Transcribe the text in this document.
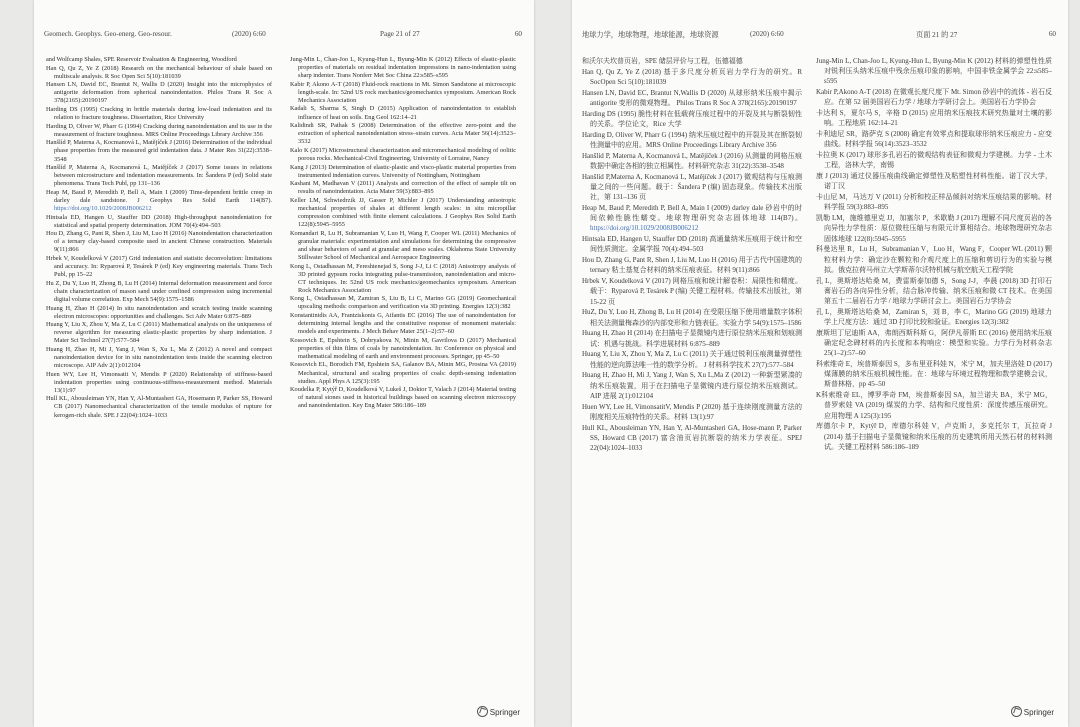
Geomech. Geophys. Geo-energ. Geo-resour.	(2020) 6:60	Page 21 of 27	60
and Wolfcamp Shales, SPE Reservoir Evaluation & Engineering, Woodford
Han Q, Qu Z, Ye Z (2018) Research on the mechanical behaviour of shale based on multiscale analysis. R Soc Open Sci 5(10):181039
Hansen LN, David EC, Brantut N, Wallis D (2020) Insight into the microphysics of antigorite deformation from spherical nanoindentation. Philos Trans R Soc A 378(2165):20190197
Harding DS (1995) Cracking in brittle materials during low-load indentation and its relation to fracture toughness. Dissertation, Rice University
Harding D, Oliver W, Pharr G (1994) Cracking during nanoindentation and its use in the measurement of fracture toughness. MRS Online Proceedings Library Archive 356
Hanšlíd P, Materna A, Kocmanová L, Matějíček J (2016) Determination of the individual phase properties from the measured grid indentation data. J Mater Res 31(22):3538–3548
Hanšlíd P, Materna A, Kocmanová L, Matějíček J (2017) Some issues in relations between microstructure and indentation measurements. In: Šandera P (ed) Solid state phenomena. Trans Tech Publ, pp 131–136
Heap M, Baud P, Meredith P, Bell A, Main I (2009) Time-dependent brittle creep in darley dale sandstone. J Geophys Res Solid Earth 114(B7). https://doi.org/10.1029/2008JB006212
Hintsala ED, Hangen U, Stauffer DD (2018) High-throughput nanoindentation for statistical and spatial property determination. JOM 70(4):494–503
Hou D, Zhang G, Pant R, Shen J, Liu M, Luo H (2016) Nanoindentation characterization of a ternary clay-based composite used in ancient Chinese construction. Materials 9(11):866
Hrbek V, Koudelková V (2017) Grid indentation and statistic deconvolution: limitations and accuracy. In: Ryparová P, Tesárek P (ed) Key engineering materials. Trans Tech Publ, pp 15–22
Hu Z, Du Y, Luo H, Zhong B, Lu H (2014) Internal deformation measurement and force chain characterization of mason sand under confined compression using incremental digital volume correlation. Exp Mech 54(9):1575–1586
Huang H, Zhao H (2014) In situ nanoindentation and scratch testing inside scanning electron microscopes: opportunities and challenges. Sci Adv Mater 6:875–889
Huang Y, Liu X, Zhou Y, Ma Z, Lu C (2011) Mathematical analysis on the uniqueness of reverse algorithm for measuring elastic-plastic properties by sharp indentation. J Mater Sci Technol 27(7):577–584
Huang H, Zhao H, Mi J, Yang J, Wan S, Xu L, Ma Z (2012) A novel and compact nanoindentation device for in situ nanoindentation tests inside the scanning electron microscope. AIP Adv 2(1):012104
Huen WY, Lee H, Vimonsatit V, Mendis P (2020) Relationship of stiffness-based indentation properties using continuous-stiffness-measurement method. Materials 13(1):97
Hull KL, Abousleiman YN, Han Y, Al-Muntasheri GA, Hosemann P, Parker SS, Howard CB (2017) Nanomechanical characterization of the tensile modulus of rupture for kerogen-rich shale. SPE J 22(04):1024–1033
Jung-Min L, Chan-Joo L, Kyung-Hun L, Byung-Min K (2012) Effects of elastic-plastic properties of materials on residual indentation impressions in nano-indentation using sharp indenter. Trans Nonferr Met Soc China 22:s585–s595
Kabir P, Akono A-T (2018) Fluid-rock reactions in Mt. Simon Sandstone at microscopic length-scale. In: 52nd US rock mechanics/geomechanics symposium. American Rock Mechanics Association
Kadali S, Sharma S, Singh D (2015) Application of nanoindentation to establish influence of heat on soils. Eng Geol 162:14–21
Kalidindi SR, Pathak S (2008) Determination of the effective zero-point and the extraction of spherical nanoindentation stress–strain curves. Acta Mater 56(14):3523–3532
Kalo K (2017) Microstructural characterization and micromechanical modeling of oolitic porous rocks. Mechanical-Civil Engineering, University of Lorraine, Nancy
Kang J (2013) Determination of elastic-plastic and visco-plastic material properties from instrumented indentation curves. University of Nottingham, Nottingham
Kashani M, Madhavan V (2011) Analysis and correction of the effect of sample tilt on results of nanoindentation. Acta Mater 59(3):883–895
Keller LM, Schwiedrzik JJ, Gasser P, Michler J (2017) Understanding anisotropic mechanical properties of shales at different length scales: in situ micropillar compression combined with finite element calculations. J Geophys Res Solid Earth 122(8):5945–5955
Komandari R, Lu H, Subramanian V, Luo H, Wang F, Cooper WL (2011) Mechanics of granular materials: experimentation and simulations for determining the compressive and shear behaviors of sand at granular and meso scales. Oklahoma State University Stillwater School of Mechanical and Aerospace Engineering
Kong L, Ostadhassan M, Fereshtenejad S, Song J-J, Li C (2018) Anisotropy analysis of 3D printed gypsum rocks integrating pulse-transmission, nanoindentation and micro-CT techniques. In: 52nd US rock mechanics/geomechanics symposium. American Rock Mechanics Association
Kong L, Ostadhassan M, Zamiran S, Liu B, Li C, Marino GG (2019) Geomechanical upscaling methods: comparison and verification via 3D printing. Energies 12(3):382
Konstantinidis AA, Frantziskonis G, Aifantis EC (2016) The use of nanoindentation for determining internal lengths and the constitutive response of monument materials: models and experiments. J Mech Behav Mater 25(1–2):57–60
Kossovich E, Epshtein S, Dobryakova N, Minin M, Gavrilova D (2017) Mechanical properties of thin films of coals by nanoindentation. In: Conference on physical and mathematical modeling of earth and environment processes. Springer, pp 45–50
Kossovich EL, Borodich FM, Epshtein SA, Galanov BA, Minin MG, Prosina VA (2019) Mechanical, structural and scaling properties of coals: depth-sensing indentation studies. Appl Phys A 125(3):195
Koudelka P, Kytýř D, Koudelková V, Lukeš J, Doktor T, Valach J (2014) Material testing of natural stones used in historical buildings based on scanning electron microscopy and nanoindentation. Key Eng Mater 586:186–189
Springer
地球力学，地球物理，地球能源，地球资源	(2020) 6:60	页面 21 的 27	60
和沃尔夫坎普页岩，SPE 储层评价与工程，伍德福德
Han Q, Qu Z, Ye Z (2018) 基于多尺度分析页岩力学行为的研究。R SocOpen Sci 5(10):181039
Hansen LN, David EC, Brantut N,Wallis D (2020) 从球形纳米压痕中揭示 antigorite 变形的微观物理。 Philos Trans R Soc A 378(2165):20190197
Harding DS (1995) 脆性材料在低载荷压痕过程中的开裂及其与断裂韧性的关系。学位论文，Rice 大学
Harding D, Oliver W, Pharr G (1994) 纳米压痕过程中的开裂及其在断裂韧性测量中的应用。MRS Online Proceedings Library Archive 356
Hanšlíd P, Materna A, Kocmanová L, Matějíček J (2016) 从测量的网格压痕数据中确定各相的独立相属性。材料研究杂志 31(22):3538–3548
Hanšlíd P,Materna A, Kocmanová L, Matějíček J (2017) 微观结构与压痕测量之间的一些问题。载于：Šandera P (编) 固态现象。传输技术出版社，第 131–136 页
Heap M, Baud P, Meredith P, Bell A, Main I (2009) darley dale 砂岩中的时间依赖性脆性蠕变。地球物理研究杂志固体地球 114(B7)。 https://doi.org/10.1029/2008JB006212
Hintsala ED, Hangen U, Stauffer DD (2018) 高通量纳米压痕用于统计和空间性质测定。金属学报 70(4):494–503
Hou D, Zhang G, Pant R, Shen J, Liu M, Luo H (2016) 用于古代中国建筑的 ternary 粘土基复合材料的纳米压痕表征。材料 9(11):866
Hrbek V, Koudelková V (2017) 网格压痕和统计解卷积：局限性和精度。载于：Ryparová P, Tesárek P (编) 关键工程材料。传输技术出版社，第 15-22 页
HuZ, Du Y, Luo H, Zhong B, Lu H (2014) 在受限压缩下使用增量数字体积相关法测量梅森沙的内部变形和力链表征。实验力学 54(9):1575–1586
Huang H, Zhao H (2014) 在扫描电子显微镜内进行原位纳米压痕和划痕测试：机遇与挑战。科学进展材料 6:875–889
Huang Y, Liu X, Zhou Y, Ma Z, Lu C (2011) 关于通过锐利压痕测量弹塑性性能的逆向算法唯一性的数学分析。 J 材料科学技术 27(7):577–584
Huang H, Zhao H, Mi J, Yang J, Wan S, Xu L,Ma Z (2012) 一种新型紧凑的纳米压痕装置，用于在扫描电子显微镜内进行原位纳米压痕测试。AIP 进展 2(1):012104
Huen WY, Lee H, VimonsatitV, Mendis P (2020) 基于连续刚度测量方法的刚度相关压痕特性的关系。材料 13(1):97
Hull KL, Abousleiman YN, Han Y, Al-Muntasheri GA, Hose-mann P, Parker SS, Howard CB (2017) 富含油页岩抗断裂的纳米力学表征。SPEJ 22(04):1024–1033
Jung-Min L, Chan-Joo L, Kyung-Hun L, Byung-Min K (2012) 材料的弹塑性性质对锐利压头纳米压痕中残余压痕印象的影响，中国非铁金属学会 22:s585–s595
Kabir P,Akono A-T (2018) 在微观长度尺度下 Mt. Simon 砂岩中的流体 - 岩石反应。在第 52 届美国岩石力学 / 地球力学研讨会上。美国岩石力学协会
卡达利 S，夏尔马 S，辛格 D (2015) 应用纳米压痕技术研究热量对土壤的影响。工程地质 162:14–21
卡利迪尼 SR，路萨克 S (2008) 确定有效零点和提取球形纳米压痕应力 - 应变曲线。材料学报 56(14):3523–3532
卡拉奥 K (2017) 球形多孔岩石的微观结构表征和微观力学建模。力学 - 土木工程，洛林大学，南锡
康 J (2013) 通过仪器压痕曲线确定弹塑性及粘塑性材料性能。诺丁汉大学，诺丁汉
卡山尼 M，马达万 V (2011) 分析和校正样品倾斜对纳米压痕结果的影响。材料学报 59(3):883–895
凯勒 LM，施维德里克 JJ，加塞尔 P，米歇勒 J (2017) 理解不同尺度页岩的各向异性力学性质：原位微柱压缩与有限元计算相结合。地球物理研究杂志固体地球 122(8):5945–5955
科曼达里 R，Lu H，Subramanian V，Luo H，Wang F，Cooper WL (2011) 颗粒材料力学：确定沙在颗粒和介观尺度上的压缩和剪切行为的实验与模拟。俄克拉荷马州立大学斯蒂尔沃特机械与航空航天工程学院
孔 L，奥斯塔达哈桑 M，费雷斯泰加德 S，Song J-J，李晨 (2018) 3D 打印石膏岩石的各向异性分析，结合脉冲传输、纳米压痕和微 CT 技术。在美国第五十二届岩石力学 / 地球力学研讨会上。美国岩石力学协会
孔 L，奥斯塔达哈桑 M，Zamiran S，刘 B，李 C，Marino GG (2019) 地球力学上尺度方法：通过 3D 打印比较和验证。Energies 12(3):382
康斯坦丁尼迪斯 AA，弗朗西斯科斯 G，阿伊凡蒂斯 EC (2016) 使用纳米压痕确定纪念碑材料的内长度和本构响应：模型和实验。力学行为材料杂志 25(1–2):57–60
科索维奇 E，埃普斯泰因 S，多布里亚科娃 N，米宁 M，加夫里洛娃 D (2017) 煤薄膜的纳米压痕机械性能。在：地球与环境过程物理和数学建模会议，斯普林格，pp 45–50
K科索维奇 EL，博罗季奇 FM，埃普斯泰因 SA，加兰诺夫 BA，米宁 MG，普罗索娃 VA (2019) 煤炭的力学、结构和尺度性质：深度传感压痕研究。应用物理 A 125(3):195
库德尔卡 P，Kytýř D，库德尔科娃 V，卢克斯 J，多克托尔 T，瓦拉奇 J (2014) 基于扫描电子显微镜和纳米压痕的历史建筑所用天然石材的材料测试。关键工程材料 586:186–189
Springer
